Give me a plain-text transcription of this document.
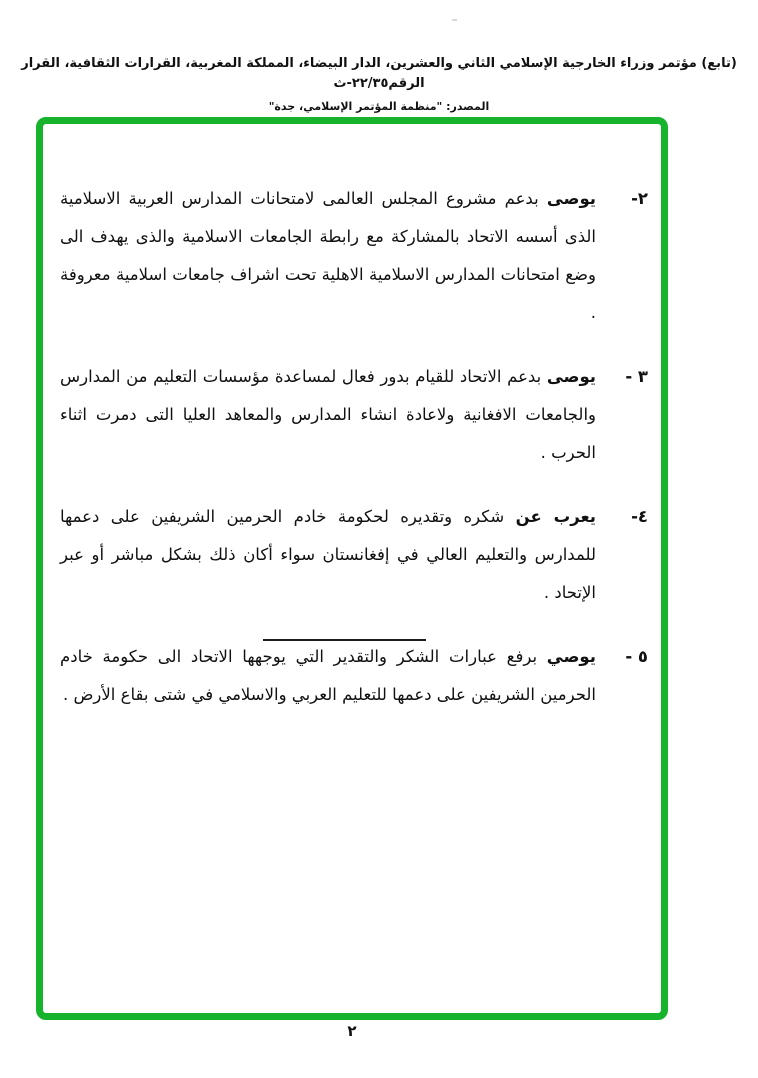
(تابع) مؤتمر وزراء الخارجية الإسلامي الثاني والعشرين، الدار البيضاء، المملكة المغربية، القرارات الثقافية، القرار الرقم٢٢/٣٥-ث
المصدر: "منظمة المؤتمر الإسلامي، جدة"
٢-
يوصى بدعم مشروع المجلس العالمى لامتحانات المدارس العربية الاسلامية الذى أسسه الاتحاد بالمشاركة مع رابطة الجامعات الاسلامية والذى يهدف الى وضع امتحانات المدارس الاسلامية الاهلية تحت اشراف جامعات اسلامية معروفة .
٣ -
يوصى بدعم الاتحاد للقيام بدور فعال لمساعدة مؤسسات التعليم من المدارس والجامعات الافغانية ولاعادة انشاء المدارس والمعاهد العليا التى دمرت اثناء الحرب .
٤-
يعرب عن شكره وتقديره لحكومة خادم الحرمين الشريفين على دعمها للمدارس والتعليم العالي في إفغانستان سواء أكان ذلك بشكل مباشر أو عبر الإتحاد .
٥ -
يوصي برفع عبارات الشكر والتقدير التي يوجهها الاتحاد الى حكومة خادم الحرمين الشريفين على دعمها للتعليم العربي والاسلامي في شتى بقاع الأرض .
٢
